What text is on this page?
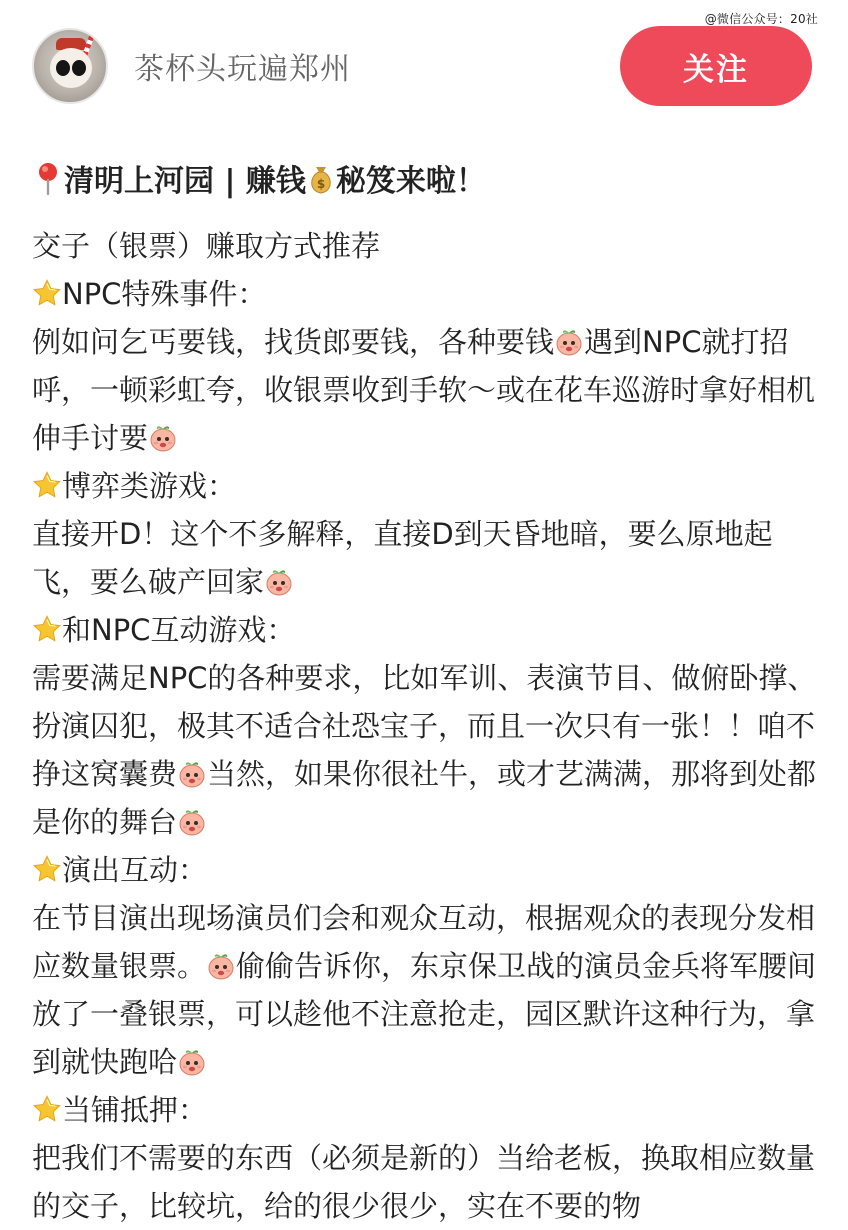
@微信公众号：20社
茶杯头玩遍郑州	关注
清明上河园 | 赚钱 $ 秘笈来啦！

交子（银票）赚取方式推荐

NPC特殊事件：

例如问乞丐要钱，找货郎要钱，各种要钱 遇到NPC就打招呼，一顿彩虹夸，收银票收到手软～或在花车巡游时拿好相机伸手讨要

博弈类游戏：

直接开D！这个不多解释，直接D到天昏地暗，要么原地起飞，要么破产回家

和NPC互动游戏：

需要满足NPC的各种要求，比如军训、表演节目、做俯卧撑、扮演囚犯，极其不适合社恐宝子，而且一次只有一张！！咱不挣这窝囊费 当然，如果你很社牛，或才艺满满，那将到处都是你的舞台

演出互动：

在节目演出现场演员们会和观众互动，根据观众的表现分发相应数量银票。 偷偷告诉你，东京保卫战的演员金兵将军腰间放了一叠银票，可以趁他不注意抢走，园区默许这种行为，拿到就快跑哈

当铺抵押：

把我们不需要的东西（必须是新的）当给老板，换取相应数量的交子，比较坑，给的很少很少，实在不要的物
